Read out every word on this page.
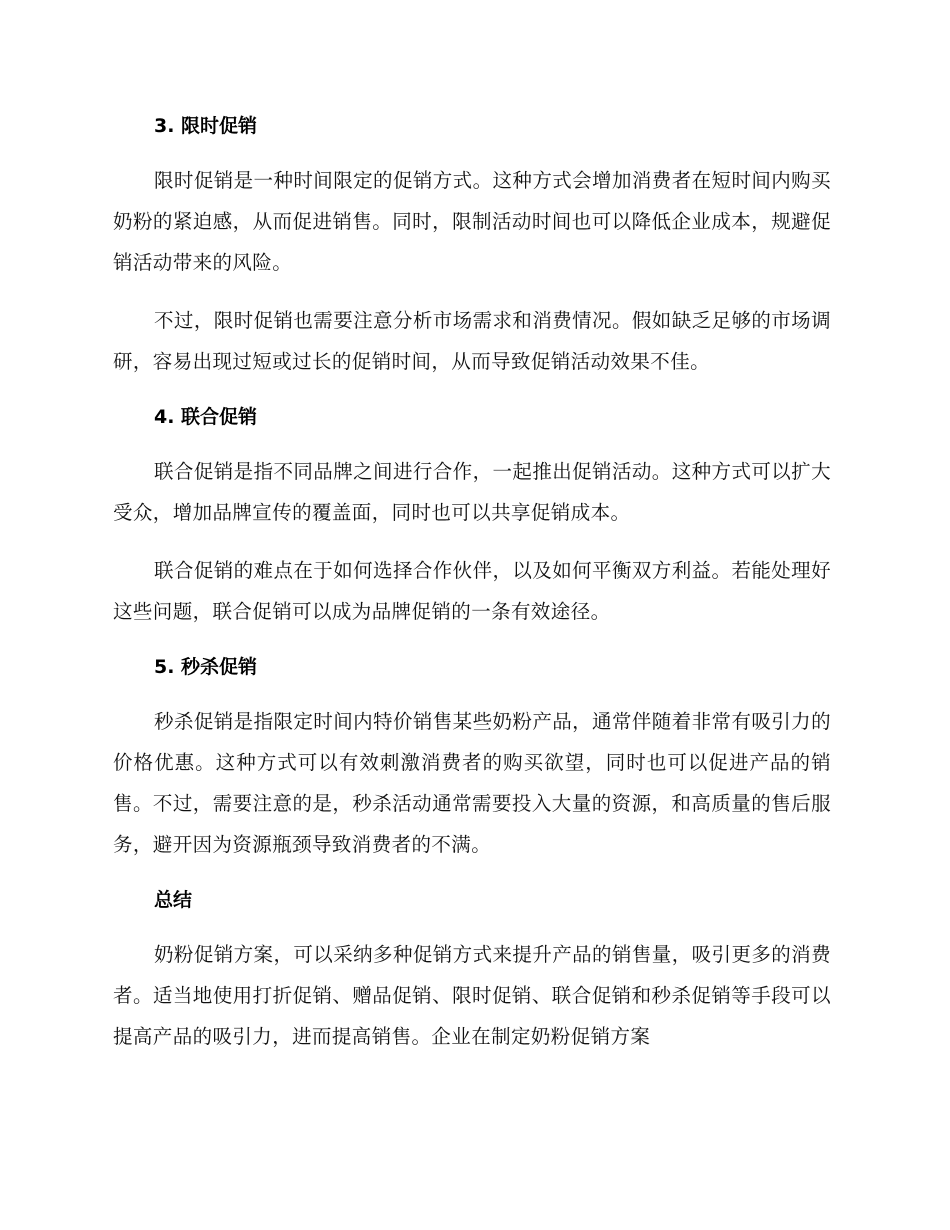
3. 限时促销

限时促销是一种时间限定的促销方式。这种方式会增加消费者在短时间内购买奶粉的紧迫感，从而促进销售。同时，限制活动时间也可以降低企业成本，规避促销活动带来的风险。

不过，限时促销也需要注意分析市场需求和消费情况。假如缺乏足够的市场调研，容易出现过短或过长的促销时间，从而导致促销活动效果不佳。

4. 联合促销

联合促销是指不同品牌之间进行合作，一起推出促销活动。这种方式可以扩大受众，增加品牌宣传的覆盖面，同时也可以共享促销成本。

联合促销的难点在于如何选择合作伙伴，以及如何平衡双方利益。若能处理好这些问题，联合促销可以成为品牌促销的一条有效途径。

5. 秒杀促销

秒杀促销是指限定时间内特价销售某些奶粉产品，通常伴随着非常有吸引力的价格优惠。这种方式可以有效刺激消费者的购买欲望，同时也可以促进产品的销售。不过，需要注意的是，秒杀活动通常需要投入大量的资源，和高质量的售后服务，避开因为资源瓶颈导致消费者的不满。

总结

奶粉促销方案，可以采纳多种促销方式来提升产品的销售量，吸引更多的消费者。适当地使用打折促销、赠品促销、限时促销、联合促销和秒杀促销等手段可以提高产品的吸引力，进而提高销售。企业在制定奶粉促销方案
